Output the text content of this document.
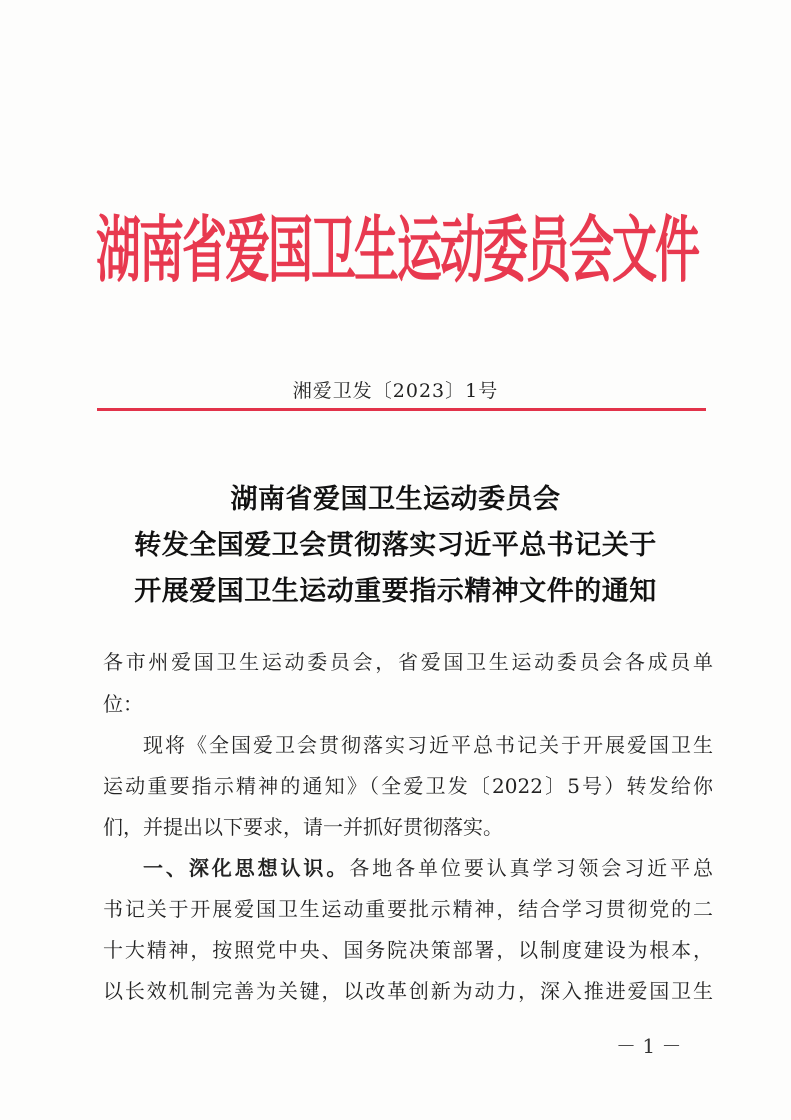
湖南省爱国卫生运动委员会文件
湘爱卫发〔2023〕1号
湖南省爱国卫生运动委员会
转发全国爱卫会贯彻落实习近平总书记关于
开展爱国卫生运动重要指示精神文件的通知
各市州爱国卫生运动委员会，省爱国卫生运动委员会各成员单
位：
现将《全国爱卫会贯彻落实习近平总书记关于开展爱国卫生
运动重要指示精神的通知》（全爱卫发〔2022〕5号）转发给你
们，并提出以下要求，请一并抓好贯彻落实。
一、深化思想认识。各地各单位要认真学习领会习近平总
书记关于开展爱国卫生运动重要批示精神，结合学习贯彻党的二
十大精神，按照党中央、国务院决策部署，以制度建设为根本，
以长效机制完善为关键，以改革创新为动力，深入推进爱国卫生
－ 1 －
